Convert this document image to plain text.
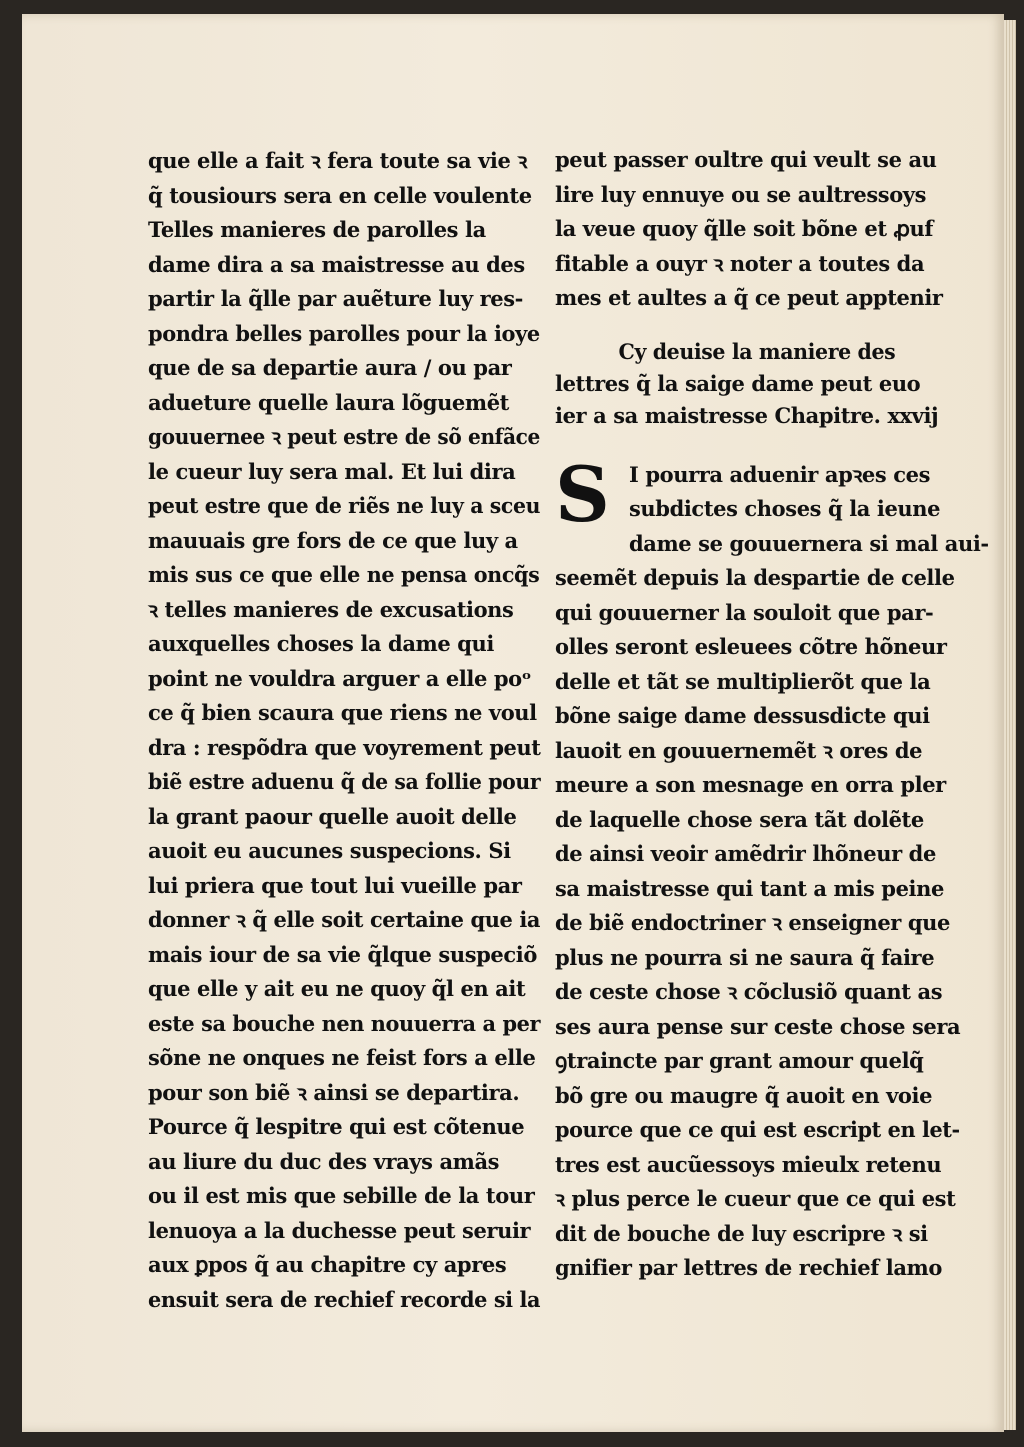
que elle a fait ꝛ fera toute sa vie ꝛ
q̃ tousiours sera en celle voulente
Telles manieres de parolles la
dame dira a sa maistresse au des
partir la q̃lle par auẽture luy res-
pondra belles parolles pour la ioye
que de sa departie aura / ou par
adueture quelle laura lõguemẽt
gouuernee ꝛ peut estre de sõ enfãce
le cueur luy sera mal. Et lui dira
peut estre que de riẽs ne luy a sceu
mauuais gre fors de ce que luy a
mis sus ce que elle ne pensa oncq̃s
ꝛ telles manieres de excusations
auxquelles choses la dame qui
point ne vouldra arguer a elle poᵒ
ce q̃ bien scaura que riens ne voul
dra : respõdra que voyrement peut
biẽ estre aduenu q̃ de sa follie pour
la grant paour quelle auoit delle
auoit eu aucunes suspecions. Si
lui priera que tout lui vueille par
donner ꝛ q̃ elle soit certaine que ia
mais iour de sa vie q̃lque suspeciõ
que elle y ait eu ne quoy q̃l en ait
este sa bouche nen nouuerra a per
sõne ne onques ne feist fors a elle
pour son biẽ ꝛ ainsi se departira.
Pource q̃ lespitre qui est cõtenue
au liure du duc des vrays amãs
ou il est mis que sebille de la tour
lenuoya a la duchesse peut seruir
aux ꝑpos q̃ au chapitre cy apres
ensuit sera de rechief recorde si la
peut passer oultre qui veult se au
lire luy ennuye ou se aultressoys
la veue quoy q̃lle soit bõne et ꝓuf
fitable a ouyr ꝛ noter a toutes da
mes et aultes a q̃ ce peut apptenir
Cy deuise la maniere des
lettres q̃ la saige dame peut euo
ier a sa maistresse Chapitre. xxvij
S I pourra aduenir apꝛes ces
subdictes choses q̃ la ieune
dame se gouuernera si mal aui-
seemẽt depuis la despartie de celle
qui gouuerner la souloit que par-
olles seront esleuees cõtre hõneur
delle et tãt se multiplierõt que la
bõne saige dame dessusdicte qui
lauoit en gouuernemẽt ꝛ ores de
meure a son mesnage en orra pler
de laquelle chose sera tãt dolẽte
de ainsi veoir amẽdrir lhõneur de
sa maistresse qui tant a mis peine
de biẽ endoctriner ꝛ enseigner que
plus ne pourra si ne saura q̃ faire
de ceste chose ꝛ cõclusiõ quant as
ses aura pense sur ceste chose sera
ꝯtraincte par grant amour quelq̃
bõ gre ou maugre q̃ auoit en voie
pource que ce qui est escript en let-
tres est aucũessoys mieulx retenu
ꝛ plus perce le cueur que ce qui est
dit de bouche de luy escripre ꝛ si
gnifier par lettres de rechief lamo
